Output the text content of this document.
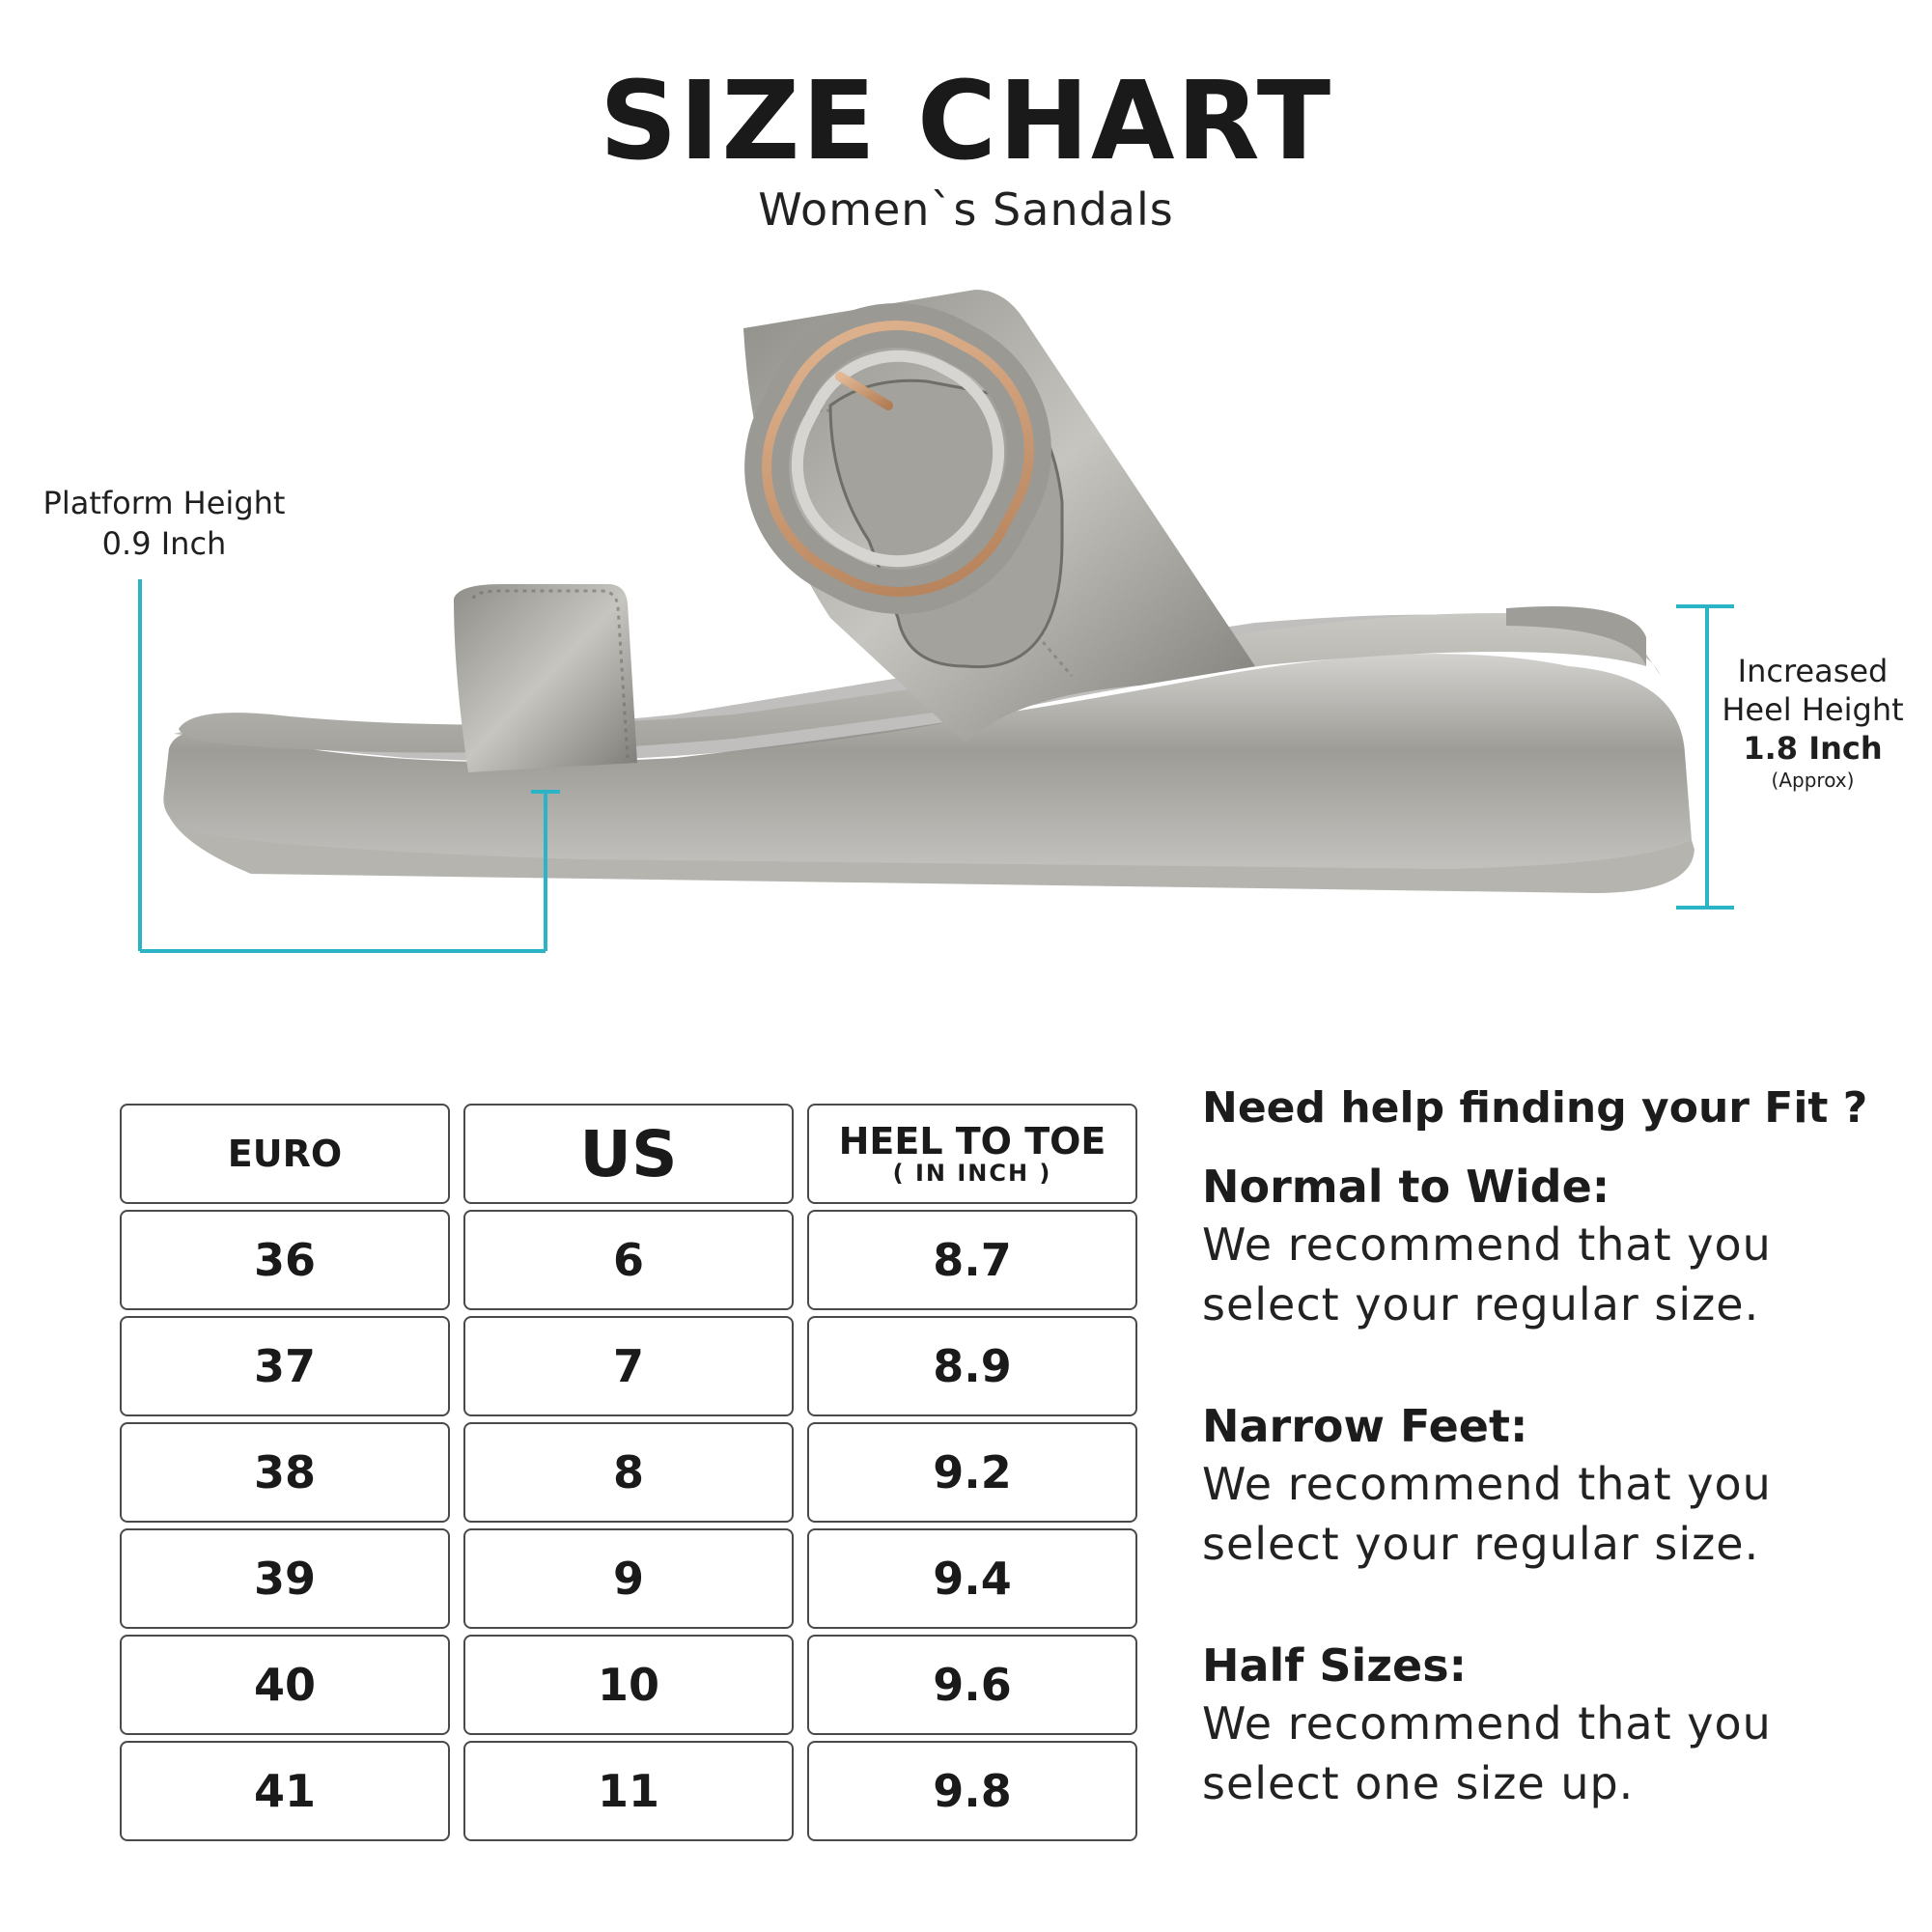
SIZE CHART
Women`s Sandals
Platform Height
0.9 Inch
Increased
Heel Height
1.8 Inch
(Approx)
EURO	US	HEEL TO TOE
( IN INCH )
36	6	8.7
37	7	8.9
38	8	9.2
39	9	9.4
40	10	9.6
41	11	9.8
Need help finding your Fit ?
Normal to Wide:
We recommend that you
select your regular size.
Narrow Feet:
We recommend that you
select your regular size.
Half Sizes:
We recommend that you
select one size up.
